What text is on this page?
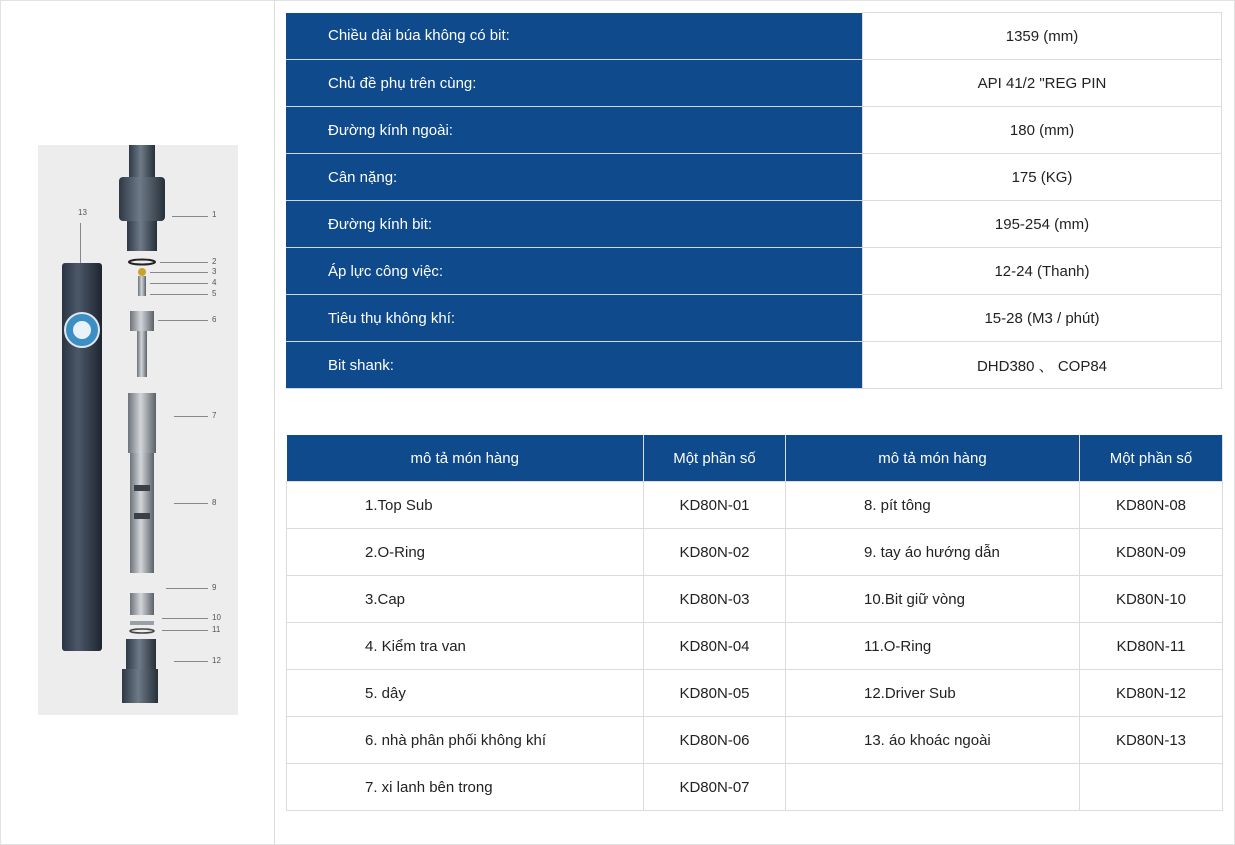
13	1
2
3
4
5
6
7
8
9
10
11
12
Chiều dài búa không có bit:	1359 (mm)
Chủ đề phụ trên cùng:	API 41/2 "REG PIN
Đường kính ngoài:	180 (mm)
Cân nặng:	175 (KG)
Đường kính bit:	195-254 (mm)
Áp lực công việc:	12-24 (Thanh)
Tiêu thụ không khí:	15-28 (M3 / phút)
Bit shank:	DHD380 、 COP84
mô tả món hàng	Một phần số	mô tả món hàng	Một phần số
1.Top Sub	KD80N-01	8. pít tông	KD80N-08
2.O-Ring	KD80N-02	9. tay áo hướng dẫn	KD80N-09
3.Cap	KD80N-03	10.Bit giữ vòng	KD80N-10
4. Kiểm tra van	KD80N-04	11.O-Ring	KD80N-11
5. dây	KD80N-05	12.Driver Sub	KD80N-12
6. nhà phân phối không khí	KD80N-06	13. áo khoác ngoài	KD80N-13
7. xi lanh bên trong	KD80N-07		
